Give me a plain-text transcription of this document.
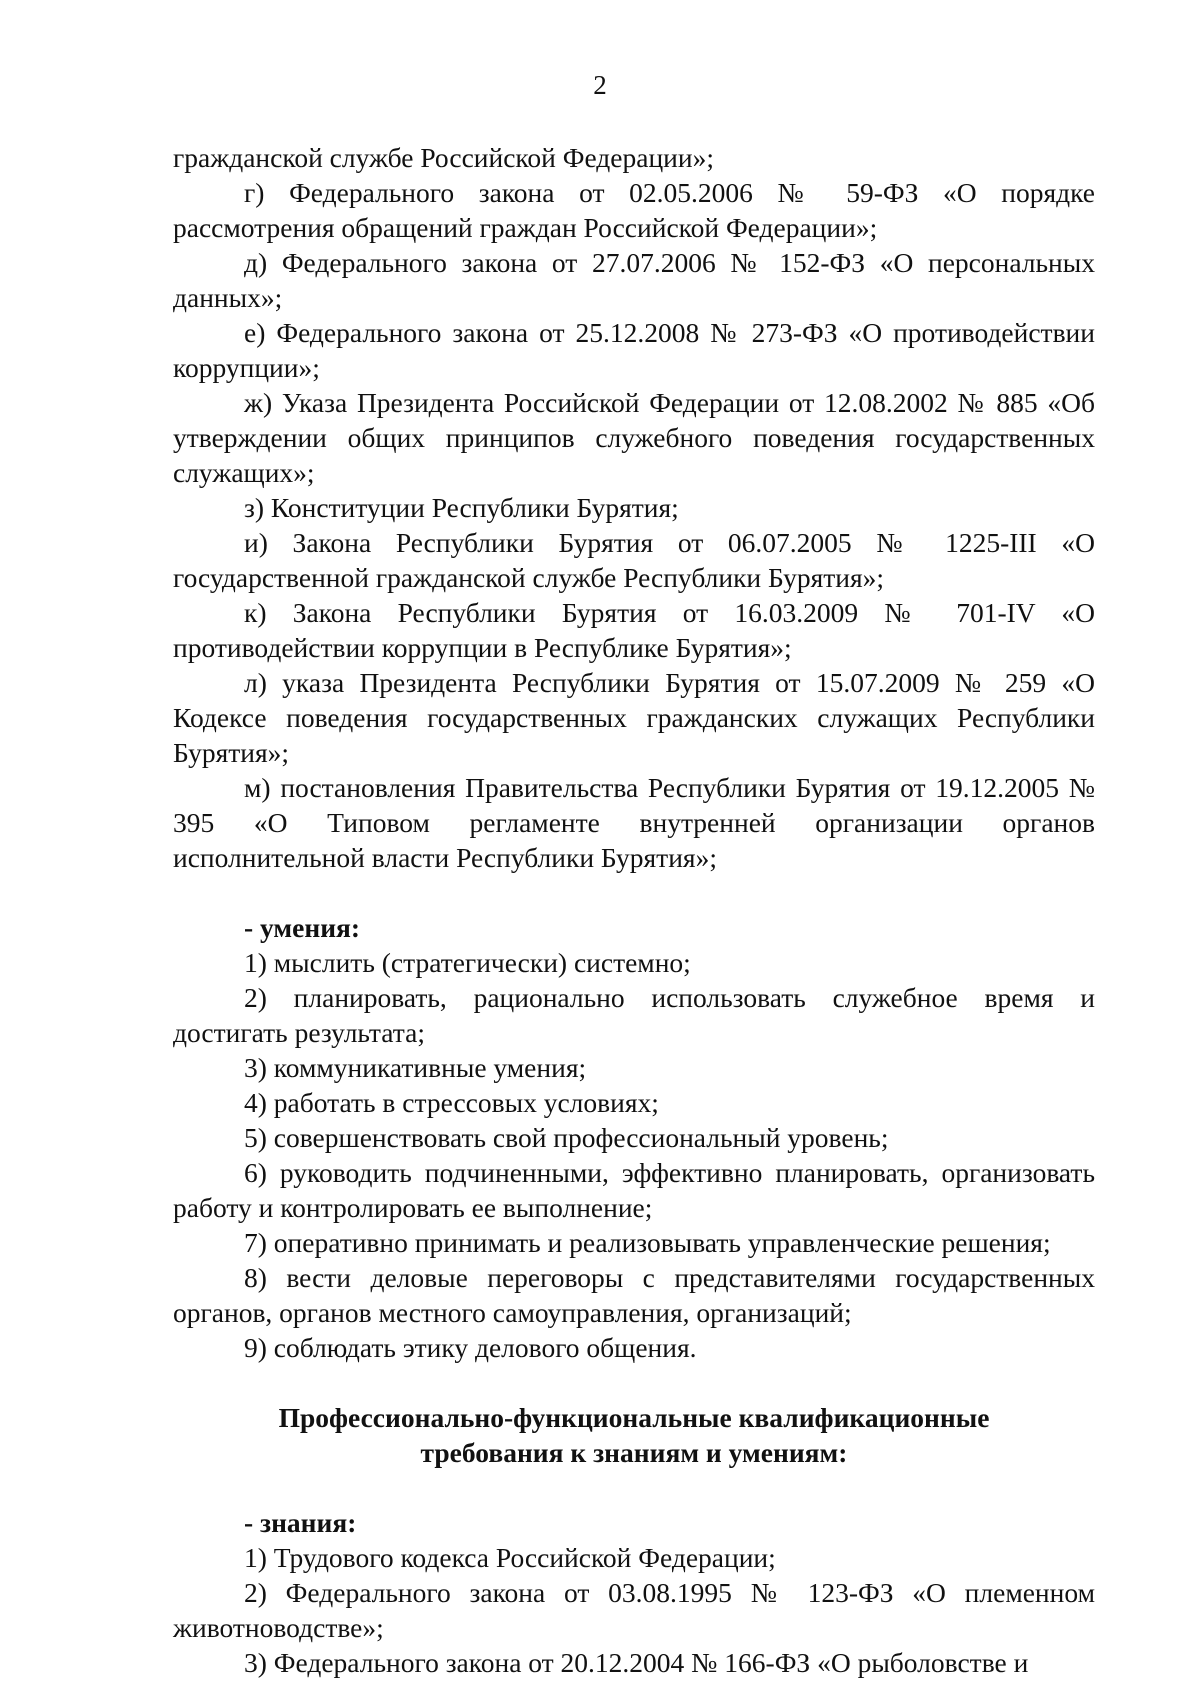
2

гражданской службе Российской Федерации»;

г) Федерального закона от 02.05.2006 № 59-ФЗ «О порядке рассмотрения обращений граждан Российской Федерации»;

д) Федерального закона от 27.07.2006 № 152-ФЗ «О персональных данных»;

е) Федерального закона от 25.12.2008 № 273-ФЗ «О противодействии коррупции»;

ж) Указа Президента Российской Федерации от 12.08.2002 № 885 «Об утверждении общих принципов служебного поведения государственных служащих»;

з) Конституции Республики Бурятия;

и) Закона Республики Бурятия от 06.07.2005 № 1225-III «О государственной гражданской службе Республики Бурятия»;

к) Закона Республики Бурятия от 16.03.2009 № 701-IV «О противодействии коррупции в Республике Бурятия»;

л) указа Президента Республики Бурятия от 15.07.2009 № 259 «О Кодексе поведения государственных гражданских служащих Республики Бурятия»;

м) постановления Правительства Республики Бурятия от 19.12.2005 № 395 «О Типовом регламенте внутренней организации органов исполнительной власти Республики Бурятия»;

- умения:

1) мыслить (стратегически) системно;

2) планировать, рационально использовать служебное время и достигать результата;

3) коммуникативные умения;

4) работать в стрессовых условиях;

5) совершенствовать свой профессиональный уровень;

6) руководить подчиненными, эффективно планировать, организовать работу и контролировать ее выполнение;

7) оперативно принимать и реализовывать управленческие решения;

8) вести деловые переговоры с представителями государственных органов, органов местного самоуправления, организаций;

9) соблюдать этику делового общения.

Профессионально-функциональные квалификационные

требования к знаниям и умениям:

- знания:

1) Трудового кодекса Российской Федерации;

2) Федерального закона от 03.08.1995 № 123-ФЗ «О племенном животноводстве»;

3) Федерального закона от 20.12.2004 № 166-ФЗ «О рыболовстве и
